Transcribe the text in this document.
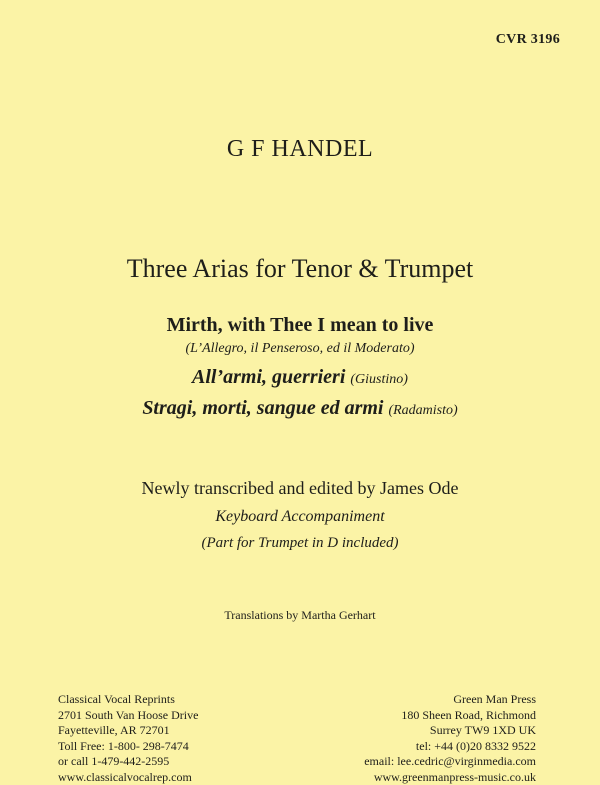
CVR 3196
G F HANDEL
Three Arias for Tenor & Trumpet
Mirth, with Thee I mean to live
(L’Allegro, il Penseroso, ed il Moderato)
All’armi, guerrieri (Giustino)
Stragi, morti, sangue ed armi (Radamisto)
Newly transcribed and edited by James Ode
Keyboard Accompaniment
(Part for Trumpet in D included)
Translations by Martha Gerhart
Classical Vocal Reprints
2701 South Van Hoose Drive
Fayetteville, AR 72701
Toll Free: 1-800- 298-7474
or call 1-479-442-2595
www.classicalvocalrep.com
Green Man Press
180 Sheen Road, Richmond
Surrey TW9 1XD UK
tel: +44 (0)20 8332 9522
email: lee.cedric@virginmedia.com
www.greenmanpress-music.co.uk
